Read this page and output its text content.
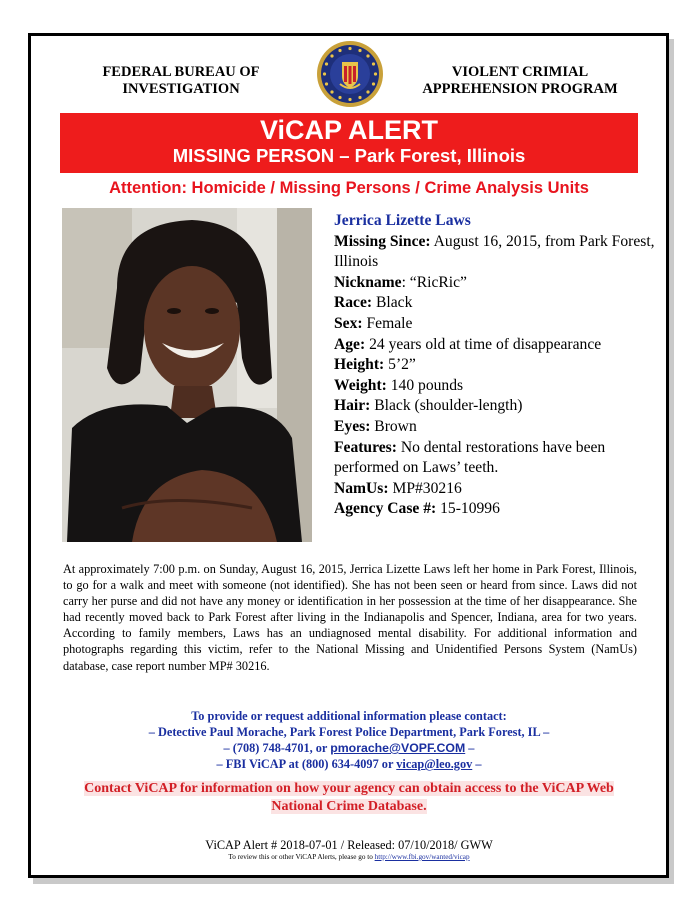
FEDERAL BUREAU OF
INVESTIGATION
VIOLENT CRIMIAL
APPREHENSION PROGRAM
ViCAP ALERT
MISSING PERSON – Park Forest, Illinois
Attention: Homicide / Missing Persons / Crime Analysis Units
Jerrica Lizette Laws
Missing Since: August 16, 2015, from Park Forest, Illinois
Nickname: “RicRic”
Race: Black
Sex: Female
Age: 24 years old at time of disappearance
Height: 5’2”
Weight: 140 pounds
Hair: Black (shoulder-length)
Eyes: Brown
Features: No dental restorations have been performed on Laws’ teeth.
NamUs: MP#30216
Agency Case #: 15-10996
At approximately 7:00 p.m. on Sunday, August 16, 2015, Jerrica Lizette Laws left her home in Park Forest, Illinois, to go for a walk and meet with someone (not identified). She has not been seen or heard from since. Laws did not carry her purse and did not have any money or identification in her possession at the time of her disappearance. She had recently moved back to Park Forest after living in the Indianapolis and Spencer, Indiana, area for two years. According to family members, Laws has an undiagnosed mental disability. For additional information and photographs regarding this victim, refer to the National Missing and Unidentified Persons System (NamUs) database, case report number MP# 30216.
To provide or request additional information please contact:
– Detective Paul Morache, Park Forest Police Department, Park Forest, IL –
– (708) 748-4701, or pmorache@VOPF.COM –
– FBI ViCAP at (800) 634-4097 or vicap@leo.gov –
Contact ViCAP for information on how your agency can obtain access to the ViCAP Web
National Crime Database.
ViCAP Alert # 2018-07-01 / Released: 07/10/2018/ GWW
To review this or other ViCAP Alerts, please go to http://www.fbi.gov/wanted/vicap
